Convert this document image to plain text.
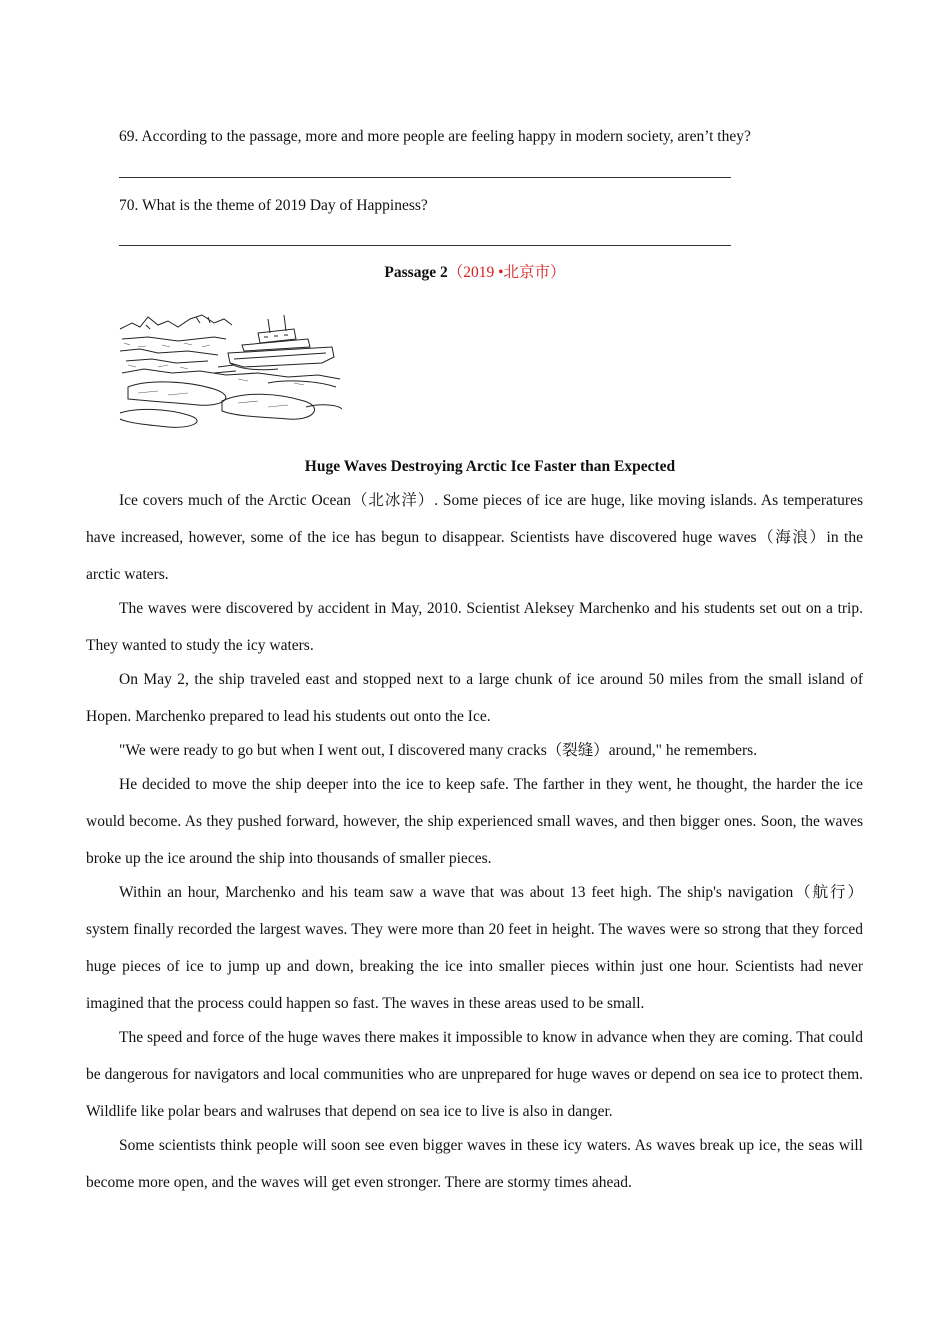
69. According to the passage, more and more people are feeling happy in modern society, aren’t they?
70. What is the theme of 2019 Day of Happiness?
Passage 2（2019 •北京市）
Huge Waves Destroying Arctic Ice Faster than Expected

Ice covers much of the Arctic Ocean（北冰洋）. Some pieces of ice are huge, like moving islands. As temperatures have increased, however, some of the ice has begun to disappear. Scientists have discovered huge waves（海浪）in the arctic waters.

The waves were discovered by accident in May, 2010. Scientist Aleksey Marchenko and his students set out on a trip. They wanted to study the icy waters.

On May 2, the ship traveled east and stopped next to a large chunk of ice around 50 miles from the small island of Hopen. Marchenko prepared to lead his students out onto the Ice.

"We were ready to go but when I went out, I discovered many cracks（裂缝）around," he remembers.

He decided to move the ship deeper into the ice to keep safe. The farther in they went, he thought, the harder the ice would become. As they pushed forward, however, the ship experienced small waves, and then bigger ones. Soon, the waves broke up the ice around the ship into thousands of smaller pieces.

Within an hour, Marchenko and his team saw a wave that was about 13 feet high. The ship's navigation（航行）system finally recorded the largest waves. They were more than 20 feet in height. The waves were so strong that they forced huge pieces of ice to jump up and down, breaking the ice into smaller pieces within just one hour. Scientists had never imagined that the process could happen so fast. The waves in these areas used to be small.

The speed and force of the huge waves there makes it impossible to know in advance when they are coming. That could be dangerous for navigators and local communities who are unprepared for huge waves or depend on sea ice to protect them. Wildlife like polar bears and walruses that depend on sea ice to live is also in danger.

Some scientists think people will soon see even bigger waves in these icy waters. As waves break up ice, the seas will become more open, and the waves will get even stronger. There are stormy times ahead.
